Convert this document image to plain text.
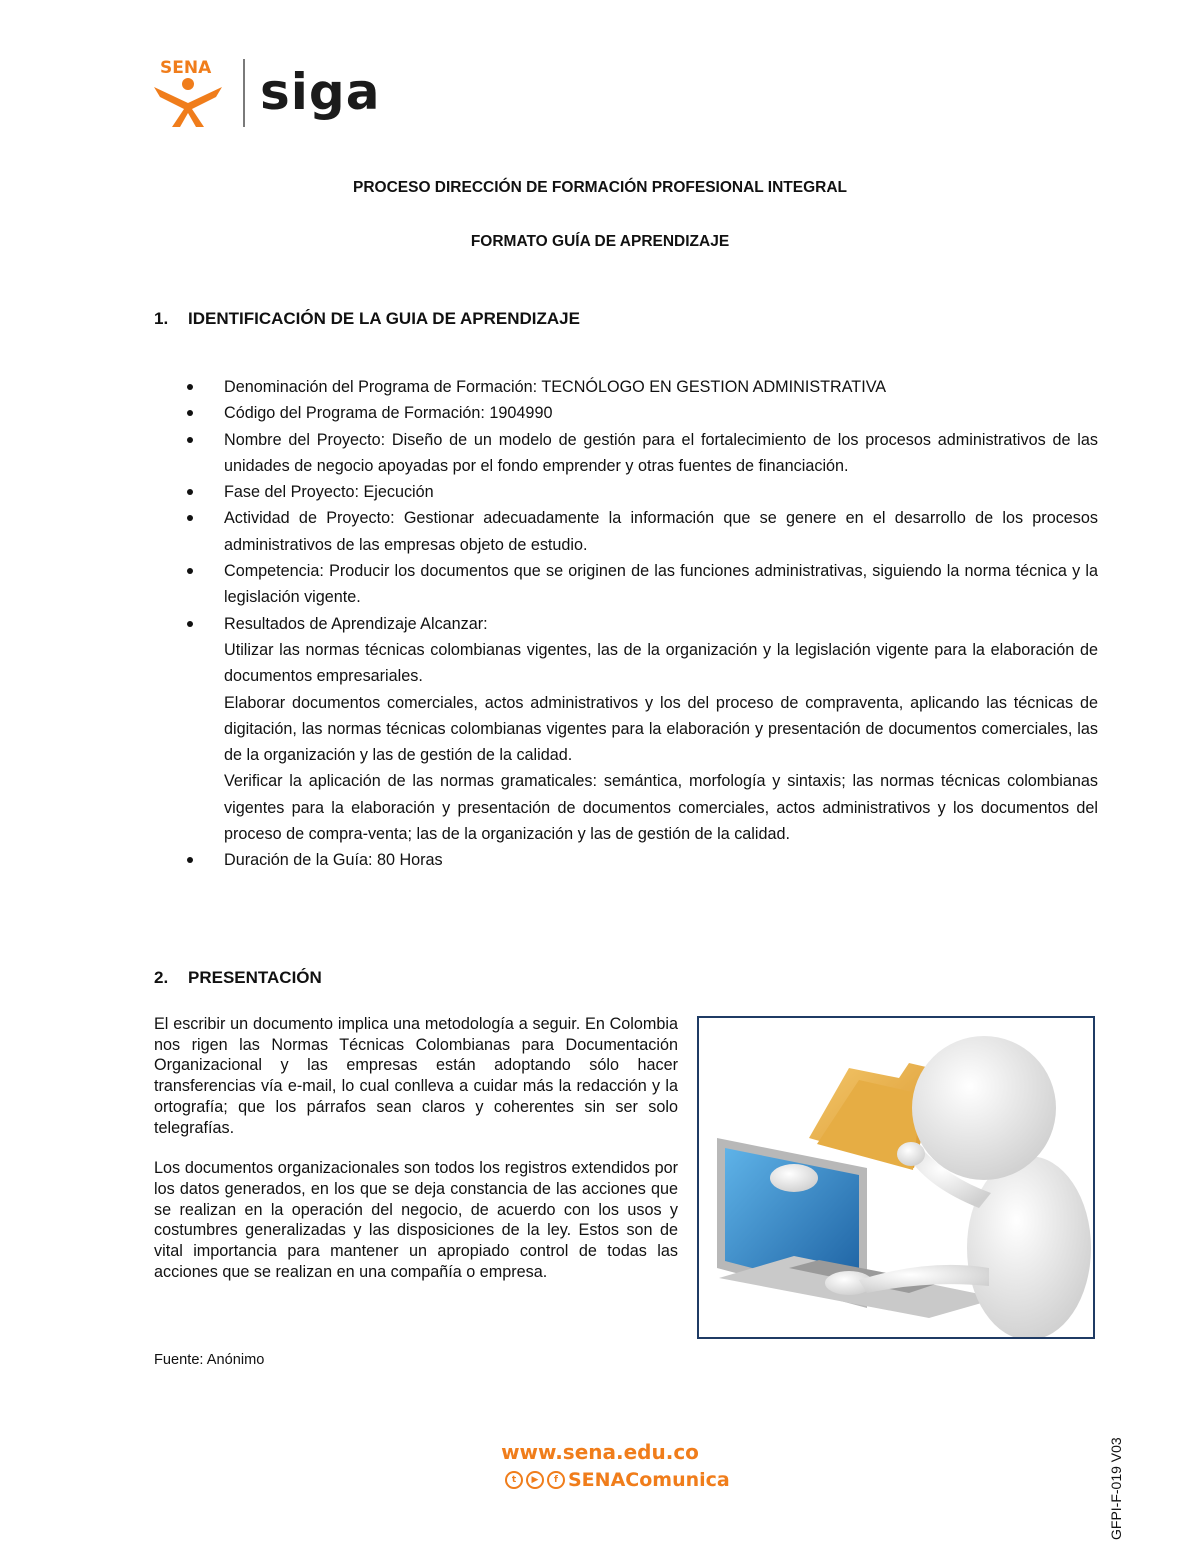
SENA siga
PROCESO DIRECCIÓN DE FORMACIÓN PROFESIONAL INTEGRAL
FORMATO GUÍA DE APRENDIZAJE
1. IDENTIFICACIÓN DE LA GUIA DE APRENDIZAJE
Denominación del Programa de Formación: TECNÓLOGO EN GESTION ADMINISTRATIVA
Código del Programa de Formación: 1904990
Nombre del Proyecto: Diseño de un modelo de gestión para el fortalecimiento de los procesos administrativos de las unidades de negocio apoyadas por el fondo emprender y otras fuentes de financiación.
Fase del Proyecto: Ejecución
Actividad de Proyecto: Gestionar adecuadamente la información que se genere en el desarrollo de los procesos administrativos de las empresas objeto de estudio.
Competencia: Producir los documentos que se originen de las funciones administrativas, siguiendo la norma técnica y la legislación vigente.

Resultados de Aprendizaje Alcanzar:

Utilizar las normas técnicas colombianas vigentes, las de la organización y la legislación vigente para la elaboración de documentos empresariales.

Elaborar documentos comerciales, actos administrativos y los del proceso de compraventa, aplicando las técnicas de digitación, las normas técnicas colombianas vigentes para la elaboración y presentación de documentos comerciales, las de la organización y las de gestión de la calidad.

Verificar la aplicación de las normas gramaticales: semántica, morfología y sintaxis; las normas técnicas colombianas vigentes para la elaboración y presentación de documentos comerciales, actos administrativos y los documentos del proceso de compra-venta; las de la organización y las de gestión de la calidad.

Duración de la Guía: 80 Horas
2. PRESENTACIÓN

El escribir un documento implica una metodología a seguir. En Colombia nos rigen las Normas Técnicas Colombianas para Documentación Organizacional y las empresas están adoptando sólo hacer transferencias vía e-mail, lo cual conlleva a cuidar más la redacción y la ortografía; que los párrafos sean claros y coherentes sin ser solo telegrafías.

Los documentos organizacionales son todos los registros extendidos por los datos generados, en los que se deja constancia de las acciones que se realizan en la operación del negocio, de acuerdo con los usos y costumbres generalizadas y las disposiciones de la ley. Estos son de vital importancia para mantener un apropiado control de todas las acciones que se realizan en una compañía o empresa.

Fuente: Anónimo
www.sena.edu.co
t	▶	f SENAComunica	GFPI-F-019 V03
